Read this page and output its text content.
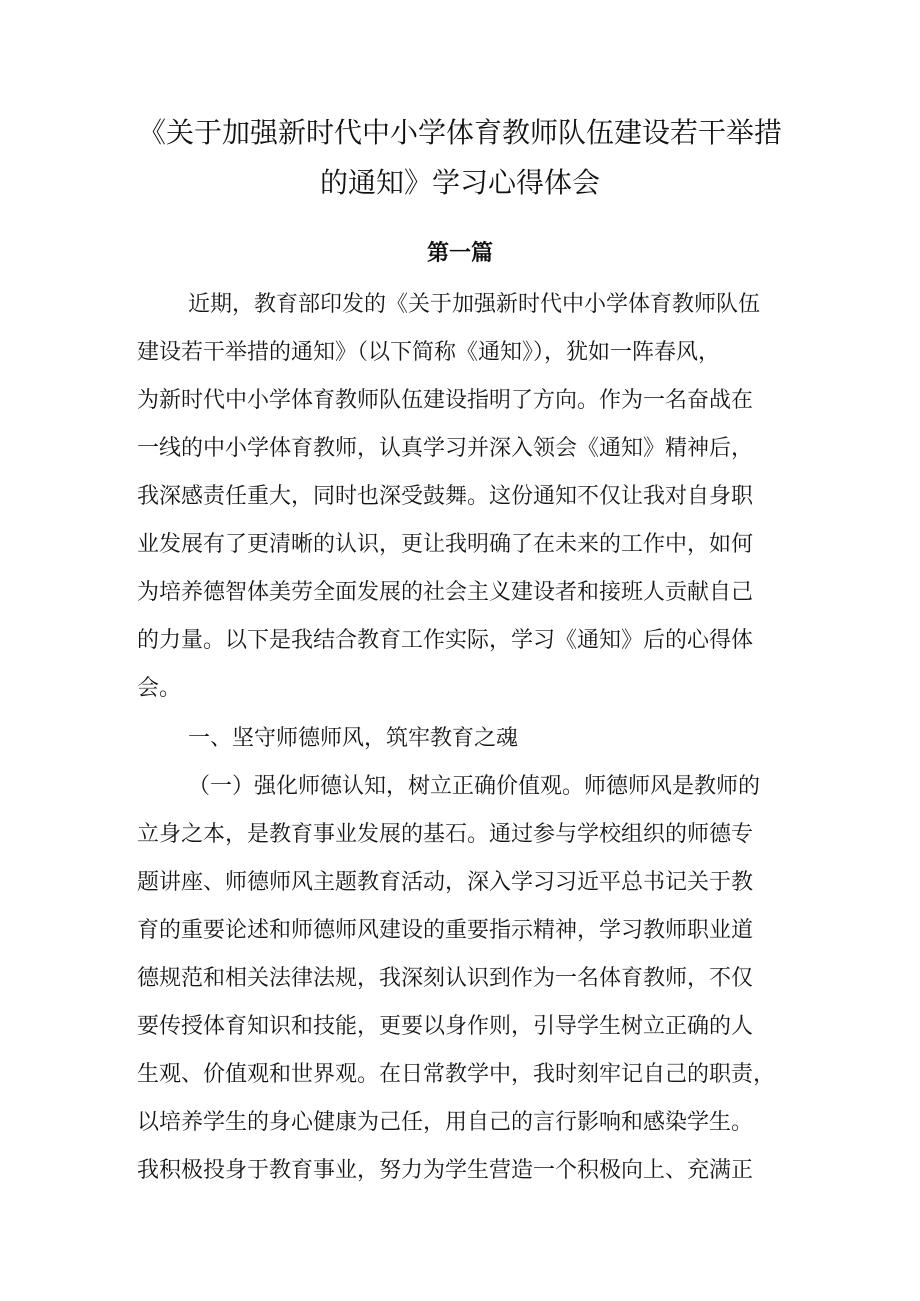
《关于加强新时代中小学体育教师队伍建设若干举措
的通知》学习心得体会
第一篇
近期，教育部印发的《关于加强新时代中小学体育教师队伍
建设若干举措的通知》（以下简称《通知》），犹如一阵春风，
为新时代中小学体育教师队伍建设指明了方向。作为一名奋战在
一线的中小学体育教师，认真学习并深入领会《通知》精神后，
我深感责任重大，同时也深受鼓舞。这份通知不仅让我对自身职
业发展有了更清晰的认识，更让我明确了在未来的工作中，如何
为培养德智体美劳全面发展的社会主义建设者和接班人贡献自己
的力量。以下是我结合教育工作实际，学习《通知》后的心得体
会。
一、坚守师德师风，筑牢教育之魂
（一）强化师德认知，树立正确价值观。师德师风是教师的
立身之本，是教育事业发展的基石。通过参与学校组织的师德专
题讲座、师德师风主题教育活动，深入学习习近平总书记关于教
育的重要论述和师德师风建设的重要指示精神，学习教师职业道
德规范和相关法律法规，我深刻认识到作为一名体育教师，不仅
要传授体育知识和技能，更要以身作则，引导学生树立正确的人
生观、价值观和世界观。在日常教学中，我时刻牢记自己的职责，
以培养学生的身心健康为己任，用自己的言行影响和感染学生。
我积极投身于教育事业，努力为学生营造一个积极向上、充满正
